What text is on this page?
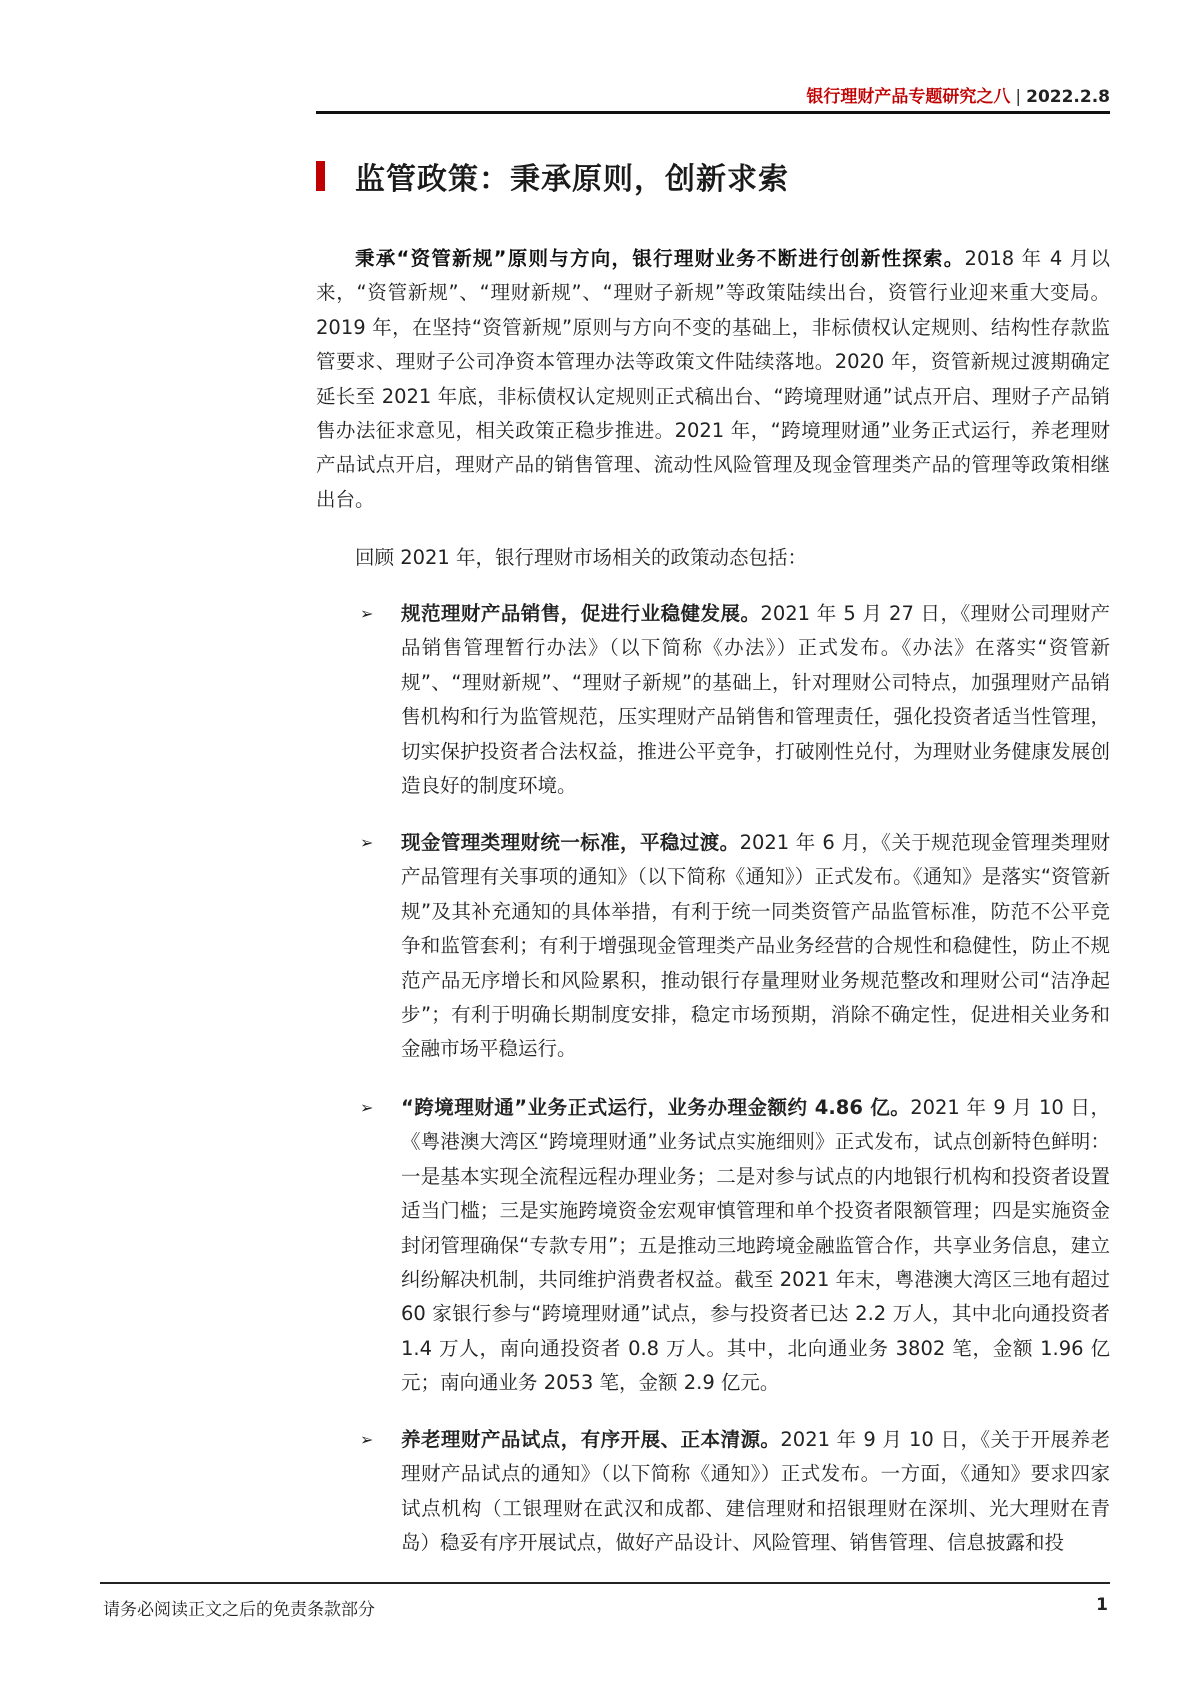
银行理财产品专题研究之八 | 2022.2.8
监管政策：秉承原则，创新求索
秉承“资管新规”原则与方向，银行理财业务不断进行创新性探索。2018 年 4 月以来，“资管新规”、“理财新规”、“理财子新规”等政策陆续出台，资管行业迎来重大变局。2019 年，在坚持“资管新规”原则与方向不变的基础上，非标债权认定规则、结构性存款监管要求、理财子公司净资本管理办法等政策文件陆续落地。2020 年，资管新规过渡期确定延长至 2021 年底，非标债权认定规则正式稿出台、“跨境理财通”试点开启、理财子产品销售办法征求意见，相关政策正稳步推进。2021 年，“跨境理财通”业务正式运行，养老理财产品试点开启，理财产品的销售管理、流动性风险管理及现金管理类产品的管理等政策相继出台。
回顾 2021 年，银行理财市场相关的政策动态包括：
➢ 规范理财产品销售，促进行业稳健发展。2021 年 5 月 27 日，《理财公司理财产品销售管理暂行办法》（以下简称《办法》）正式发布。《办法》在落实“资管新规”、“理财新规”、“理财子新规”的基础上，针对理财公司特点，加强理财产品销售机构和行为监管规范，压实理财产品销售和管理责任，强化投资者适当性管理，切实保护投资者合法权益，推进公平竞争，打破刚性兑付，为理财业务健康发展创造良好的制度环境。
➢ 现金管理类理财统一标准，平稳过渡。2021 年 6 月，《关于规范现金管理类理财产品管理有关事项的通知》（以下简称《通知》）正式发布。《通知》是落实“资管新规”及其补充通知的具体举措，有利于统一同类资管产品监管标准，防范不公平竞争和监管套利；有利于增强现金管理类产品业务经营的合规性和稳健性，防止不规范产品无序增长和风险累积，推动银行存量理财业务规范整改和理财公司“洁净起步”；有利于明确长期制度安排，稳定市场预期，消除不确定性，促进相关业务和金融市场平稳运行。
➢ “跨境理财通”业务正式运行，业务办理金额约 4.86 亿。2021 年 9 月 10 日，《粤港澳大湾区“跨境理财通”业务试点实施细则》正式发布，试点创新特色鲜明：一是基本实现全流程远程办理业务；二是对参与试点的内地银行机构和投资者设置适当门槛；三是实施跨境资金宏观审慎管理和单个投资者限额管理；四是实施资金封闭管理确保“专款专用”；五是推动三地跨境金融监管合作，共享业务信息，建立纠纷解决机制，共同维护消费者权益。截至 2021 年末，粤港澳大湾区三地有超过 60 家银行参与“跨境理财通”试点，参与投资者已达 2.2 万人，其中北向通投资者 1.4 万人，南向通投资者 0.8 万人。其中，北向通业务 3802 笔，金额 1.96 亿元；南向通业务 2053 笔，金额 2.9 亿元。
➢ 养老理财产品试点，有序开展、正本清源。2021 年 9 月 10 日，《关于开展养老理财产品试点的通知》（以下简称《通知》）正式发布。一方面，《通知》要求四家试点机构（工银理财在武汉和成都、建信理财和招银理财在深圳、光大理财在青岛）稳妥有序开展试点，做好产品设计、风险管理、销售管理、信息披露和投
请务必阅读正文之后的免责条款部分	1
